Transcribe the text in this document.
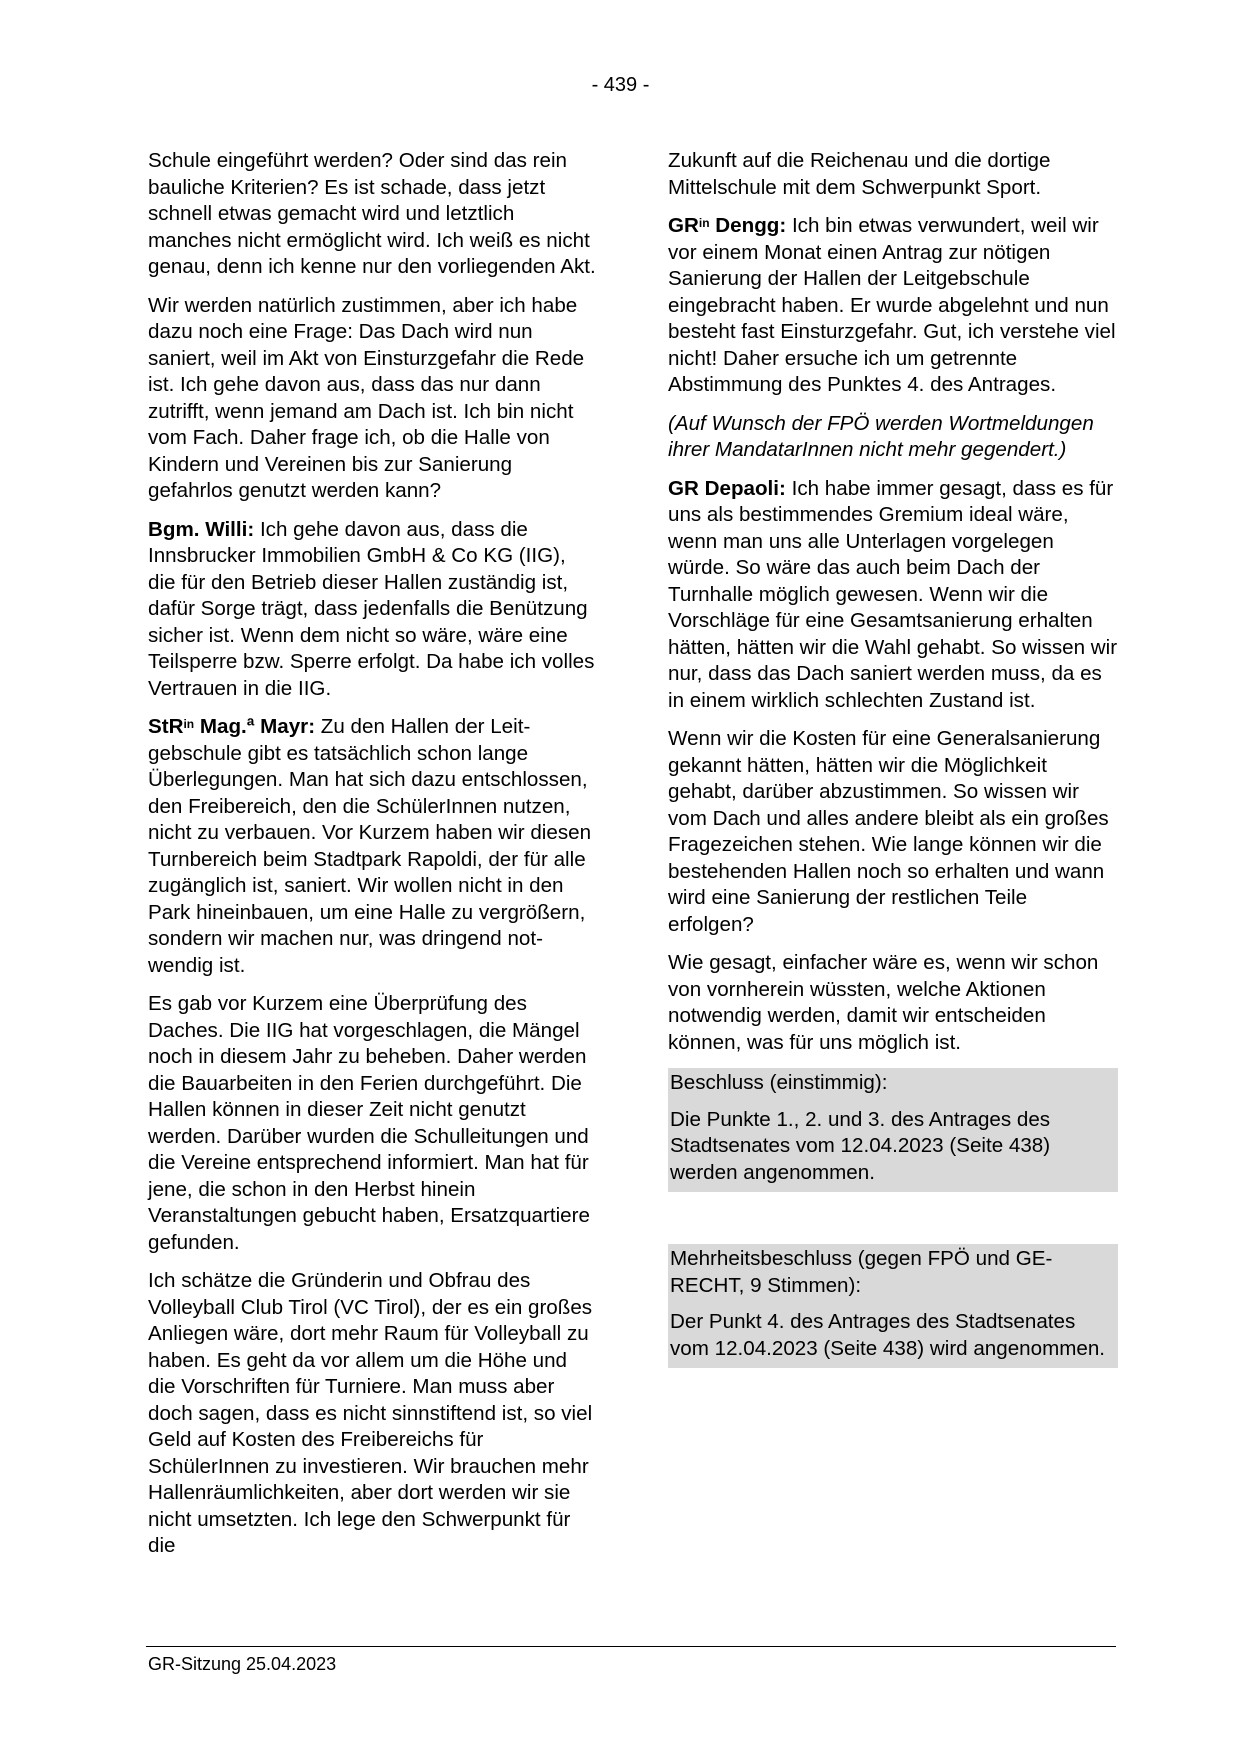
- 439 -

Schule eingeführt werden? Oder sind das rein bauliche Kriterien? Es ist schade, dass jetzt schnell etwas gemacht wird und letztlich manches nicht ermöglicht wird. Ich weiß es nicht genau, denn ich kenne nur den vorliegenden Akt.

Wir werden natürlich zustimmen, aber ich habe dazu noch eine Frage: Das Dach wird nun saniert, weil im Akt von Einsturzgefahr die Rede ist. Ich gehe davon aus, dass das nur dann zutrifft, wenn jemand am Dach ist. Ich bin nicht vom Fach. Daher frage ich, ob die Halle von Kindern und Vereinen bis zur Sanierung gefahrlos genutzt werden kann?

Bgm. Willi: Ich gehe davon aus, dass die Innsbrucker Immobilien GmbH & Co KG (IIG), die für den Betrieb dieser Hallen zuständig ist, dafür Sorge trägt, dass jedenfalls die Benützung sicher ist. Wenn dem nicht so wäre, wäre eine Teilsperre bzw. Sperre erfolgt. Da habe ich volles Vertrauen in die IIG.

StR$^{in}$ Mag.ª Mayr: Zu den Hallen der Leitgebschule gibt es tatsächlich schon lange Überlegungen. Man hat sich dazu entschlossen, den Freibereich, den die SchülerInnen nutzen, nicht zu verbauen. Vor Kurzem haben wir diesen Turnbereich beim Stadtpark Rapoldi, der für alle zugänglich ist, saniert. Wir wollen nicht in den Park hineinbauen, um eine Halle zu vergrößern, sondern wir machen nur, was dringend notwendig ist.

Es gab vor Kurzem eine Überprüfung des Daches. Die IIG hat vorgeschlagen, die Mängel noch in diesem Jahr zu beheben. Daher werden die Bauarbeiten in den Ferien durchgeführt. Die Hallen können in dieser Zeit nicht genutzt werden. Darüber wurden die Schulleitungen und die Vereine entsprechend informiert. Man hat für jene, die schon in den Herbst hinein Veranstaltungen gebucht haben, Ersatzquartiere gefunden.

Ich schätze die Gründerin und Obfrau des Volleyball Club Tirol (VC Tirol), der es ein großes Anliegen wäre, dort mehr Raum für Volleyball zu haben. Es geht da vor allem um die Höhe und die Vorschriften für Turniere. Man muss aber doch sagen, dass es nicht sinnstiftend ist, so viel Geld auf Kosten des Freibereichs für SchülerInnen zu investieren. Wir brauchen mehr Hallenräumlichkeiten, aber dort werden wir sie nicht umsetzten. Ich lege den Schwerpunkt für die

Zukunft auf die Reichenau und die dortige Mittelschule mit dem Schwerpunkt Sport.

$GR^{in}$ Dengg: Ich bin etwas verwundert, weil wir vor einem Monat einen Antrag zur nötigen Sanierung der Hallen der Leitgebschule eingebracht haben. Er wurde abgelehnt und nun besteht fast Einsturzgefahr. Gut, ich verstehe viel nicht! Daher ersuche ich um getrennte Abstimmung des Punktes 4. des Antrages.

(Auf Wunsch der FPÖ werden Wortmeldungen ihrer MandatarInnen nicht mehr gegendert.)

GR Depaoli: Ich habe immer gesagt, dass es für uns als bestimmendes Gremium ideal wäre, wenn man uns alle Unterlagen vorgelegen würde. So wäre das auch beim Dach der Turnhalle möglich gewesen. Wenn wir die Vorschläge für eine Gesamtsanierung erhalten hätten, hätten wir die Wahl gehabt. So wissen wir nur, dass das Dach saniert werden muss, da es in einem wirklich schlechten Zustand ist.

Wenn wir die Kosten für eine Generalsanierung gekannt hätten, hätten wir die Möglichkeit gehabt, darüber abzustimmen. So wissen wir vom Dach und alles andere bleibt als ein großes Fragezeichen stehen. Wie lange können wir die bestehenden Hallen noch so erhalten und wann wird eine Sanierung der restlichen Teile erfolgen?

Wie gesagt, einfacher wäre es, wenn wir schon von vornherein wüssten, welche Aktionen notwendig werden, damit wir entscheiden können, was für uns möglich ist.

Beschluss (einstimmig):

Die Punkte 1., 2. und 3. des Antrages des Stadtsenates vom 12.04.2023 (Seite 438) werden angenommen.

Mehrheitsbeschluss (gegen FPÖ und GERECHT, 9 Stimmen):

Der Punkt 4. des Antrages des Stadtsenates vom 12.04.2023 (Seite 438) wird angenommen.

GR-Sitzung 25.04.2023
